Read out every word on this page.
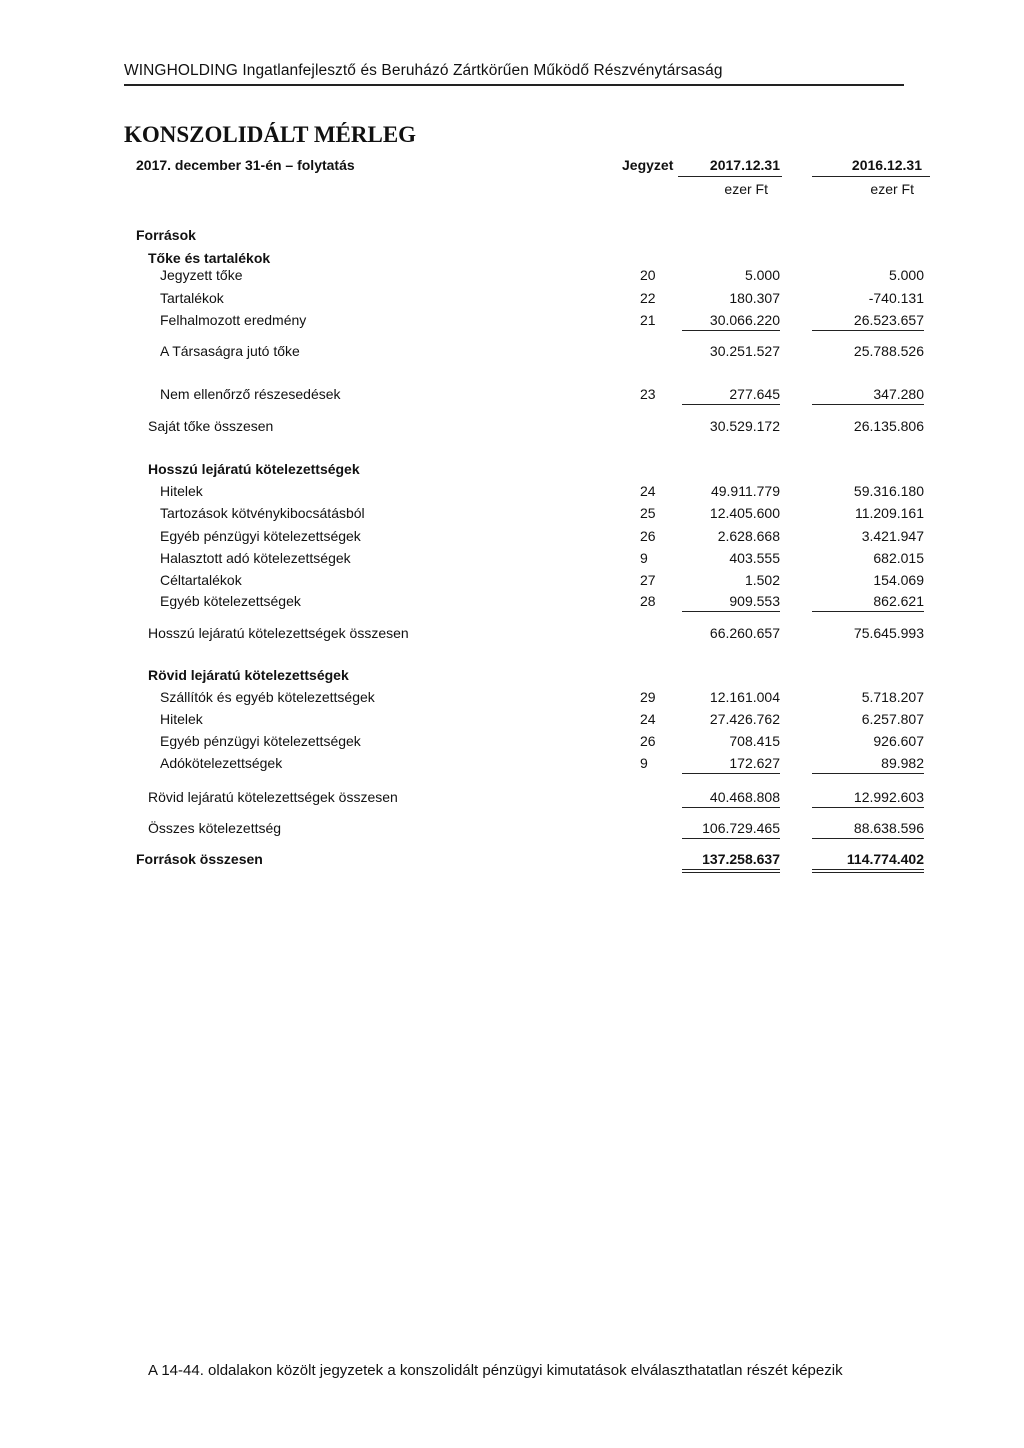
WINGHOLDING Ingatlanfejlesztő és Beruházó Zártkörűen Működő Részvénytársaság
KONSZOLIDÁLT MÉRLEG
2017. december 31-én – folytatás	Jegyzet	2017.12.31	2016.12.31
ezer Ft	ezer Ft
Források
Tőke és tartalékok
Jegyzett tőke	20	5.000	5.000
Tartalékok	22	180.307	-740.131
Felhalmozott eredmény	21	30.066.220	26.523.657
A Társaságra jutó tőke	30.251.527	25.788.526
Nem ellenőrző részesedések	23	277.645	347.280
Saját tőke összesen	30.529.172	26.135.806
Hosszú lejáratú kötelezettségek
Hitelek	24	49.911.779	59.316.180
Tartozások kötvénykibocsátásból	25	12.405.600	11.209.161
Egyéb pénzügyi kötelezettségek	26	2.628.668	3.421.947
Halasztott adó kötelezettségek	9	403.555	682.015
Céltartalékok	27	1.502	154.069
Egyéb kötelezettségek	28	909.553	862.621
Hosszú lejáratú kötelezettségek összesen	66.260.657	75.645.993
Rövid lejáratú kötelezettségek
Szállítók és egyéb kötelezettségek	29	12.161.004	5.718.207
Hitelek	24	27.426.762	6.257.807
Egyéb pénzügyi kötelezettségek	26	708.415	926.607
Adókötelezettségek	9	172.627	89.982
Rövid lejáratú kötelezettségek összesen	40.468.808	12.992.603
Összes kötelezettség	106.729.465	88.638.596
Források összesen	137.258.637	114.774.402
A 14-44. oldalakon közölt jegyzetek a konszolidált pénzügyi kimutatások elválaszthatatlan részét képezik
